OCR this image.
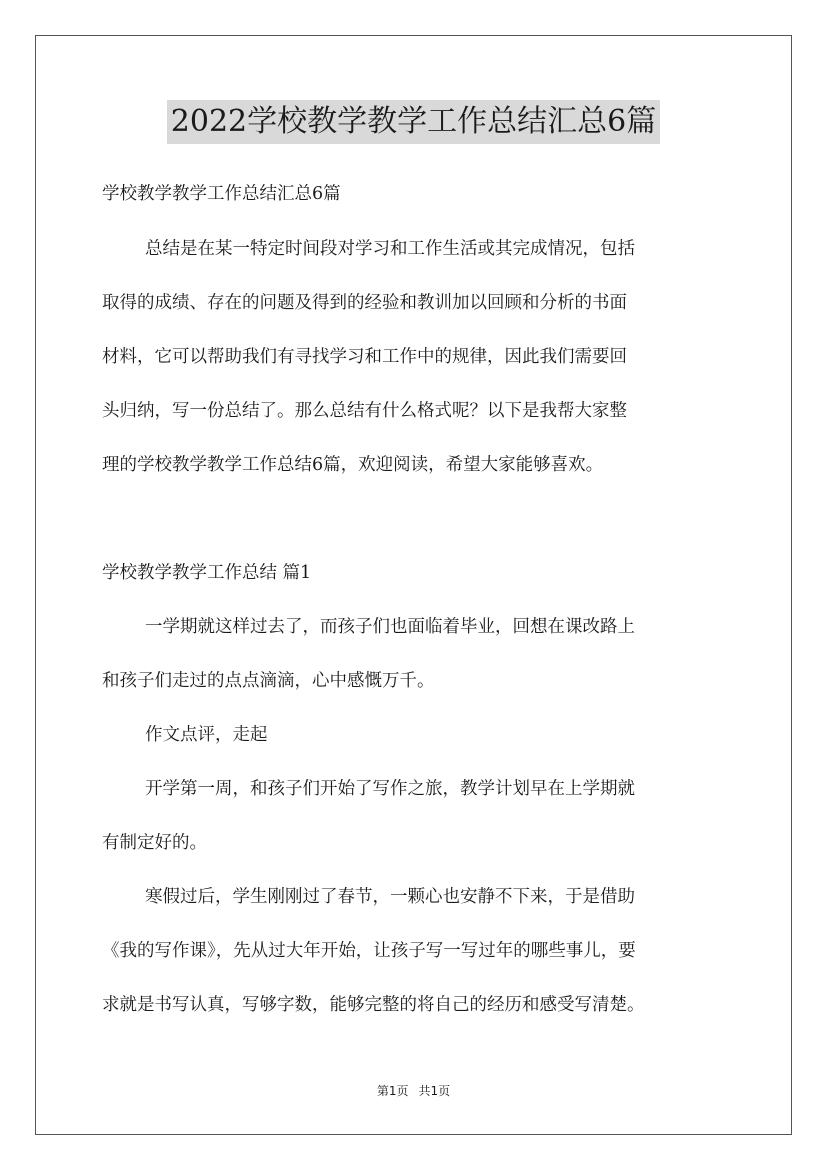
2022学校教学教学工作总结汇总6篇
学校教学教学工作总结汇总6篇
总结是在某一特定时间段对学习和工作生活或其完成情况，包括
取得的成绩、存在的问题及得到的经验和教训加以回顾和分析的书面
材料，它可以帮助我们有寻找学习和工作中的规律，因此我们需要回
头归纳，写一份总结了。那么总结有什么格式呢？以下是我帮大家整
理的学校教学教学工作总结6篇，欢迎阅读，希望大家能够喜欢。
学校教学教学工作总结 篇1
一学期就这样过去了，而孩子们也面临着毕业，回想在课改路上
和孩子们走过的点点滴滴，心中感慨万千。
作文点评，走起
开学第一周，和孩子们开始了写作之旅，教学计划早在上学期就
有制定好的。
寒假过后，学生刚刚过了春节，一颗心也安静不下来，于是借助
《我的写作课》，先从过大年开始，让孩子写一写过年的哪些事儿，要
求就是书写认真，写够字数，能够完整的将自己的经历和感受写清楚。
第1页 共1页
